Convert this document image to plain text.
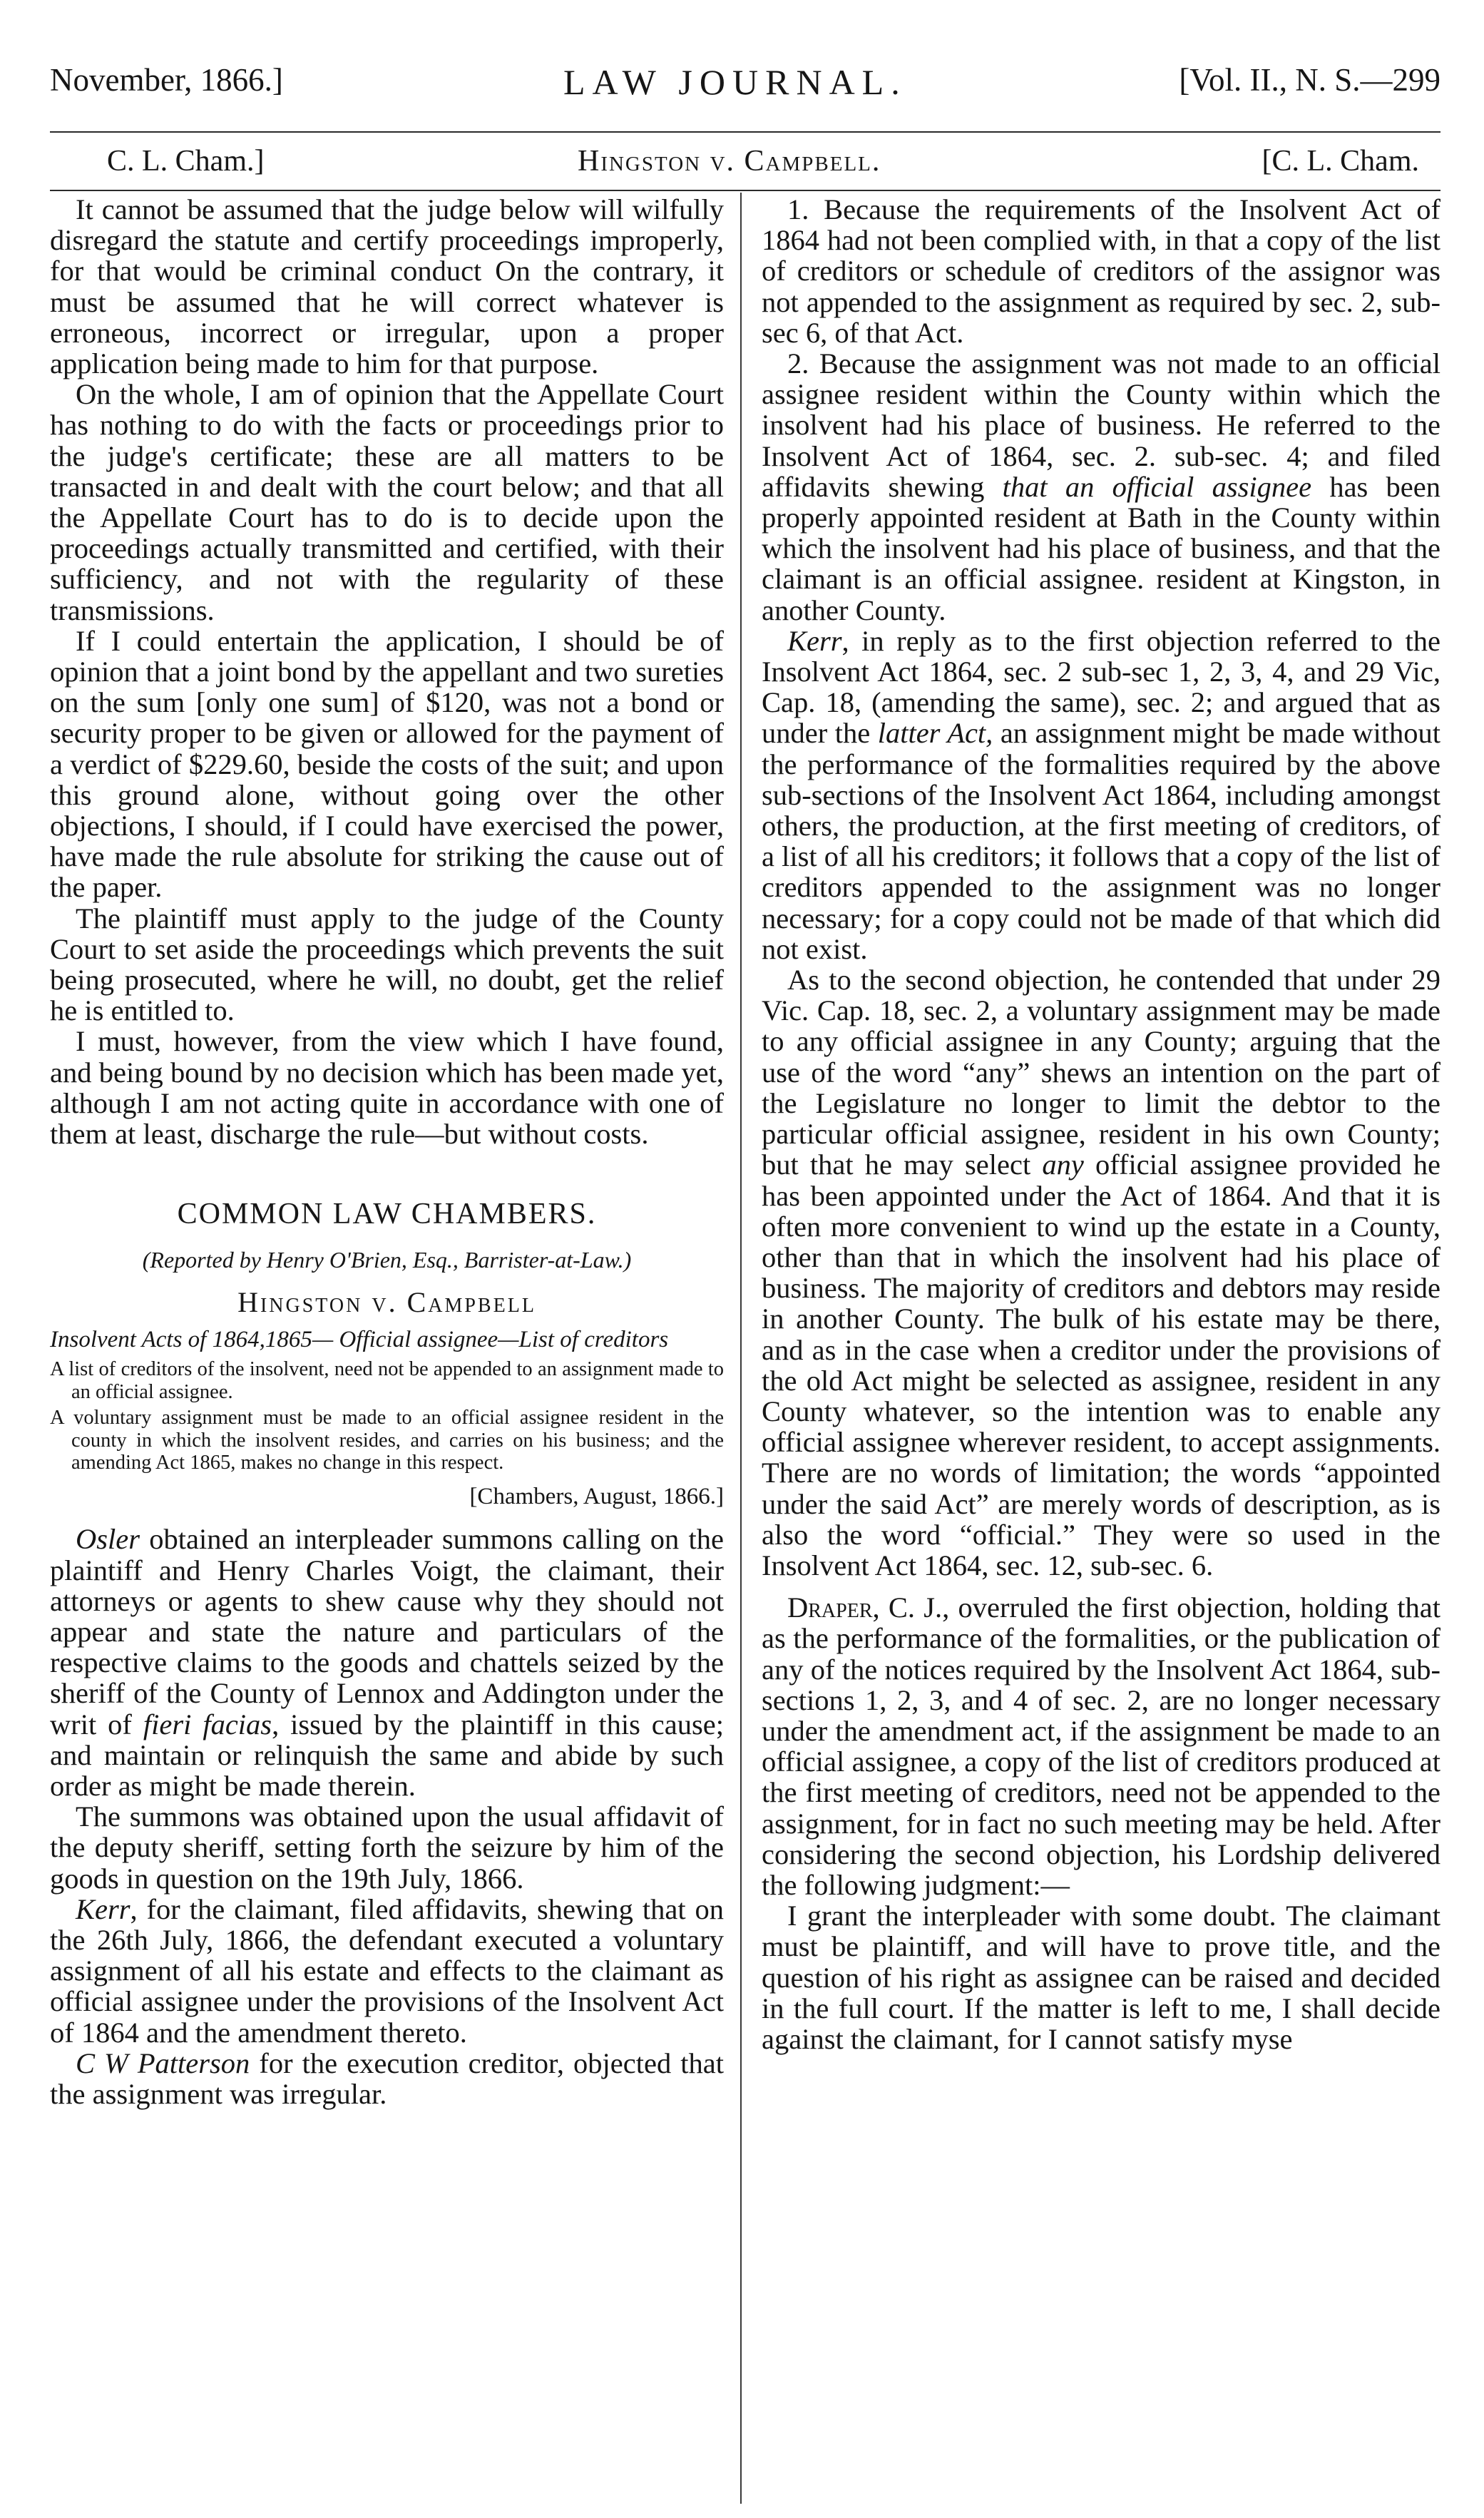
November, 1866.]	LAW JOURNAL.	[Vol. II., N. S.—299
C. L. Cham.]	Hingston v. Campbell.	[C. L. Cham.

It cannot be assumed that the judge below will wilfully disregard the statute and certify proceedings improperly, for that would be criminal conduct On the contrary, it must be assumed that he will correct whatever is erroneous, incorrect or irregular, upon a proper application being made to him for that purpose.

On the whole, I am of opinion that the Appellate Court has nothing to do with the facts or proceedings prior to the judge's certificate; these are all matters to be transacted in and dealt with the court below; and that all the Appellate Court has to do is to decide upon the proceedings actually transmitted and certified, with their sufficiency, and not with the regularity of these transmissions.

If I could entertain the application, I should be of opinion that a joint bond by the appellant and two sureties on the sum [only one sum] of $120, was not a bond or security proper to be given or allowed for the payment of a verdict of $229.60, beside the costs of the suit; and upon this ground alone, without going over the other objections, I should, if I could have exercised the power, have made the rule absolute for striking the cause out of the paper.

The plaintiff must apply to the judge of the County Court to set aside the proceedings which prevents the suit being prosecuted, where he will, no doubt, get the relief he is entitled to.

I must, however, from the view which I have found, and being bound by no decision which has been made yet, although I am not acting quite in accordance with one of them at least, discharge the rule—but without costs.

COMMON LAW CHAMBERS.

(Reported by Henry O'Brien, Esq., Barrister-at-Law.)

Hingston v. Campbell

Insolvent Acts of 1864,1865— Official assignee—List of creditors

A list of creditors of the insolvent, need not be appended to an assignment made to an official assignee.

A voluntary assignment must be made to an official assignee resident in the county in which the insolvent resides, and carries on his business; and the amending Act 1865, makes no change in this respect.

[Chambers, August, 1866.]

Osler obtained an interpleader summons calling on the plaintiff and Henry Charles Voigt, the claimant, their attorneys or agents to shew cause why they should not appear and state the nature and particulars of the respective claims to the goods and chattels seized by the sheriff of the County of Lennox and Addington under the writ of fieri facias, issued by the plaintiff in this cause; and maintain or relinquish the same and abide by such order as might be made therein.

The summons was obtained upon the usual affidavit of the deputy sheriff, setting forth the seizure by him of the goods in question on the 19th July, 1866.

Kerr, for the claimant, filed affidavits, shewing that on the 26th July, 1866, the defendant executed a voluntary assignment of all his estate and effects to the claimant as official assignee under the provisions of the Insolvent Act of 1864 and the amendment thereto.

C W Patterson for the execution creditor, objected that the assignment was irregular.

1. Because the requirements of the Insolvent Act of 1864 had not been complied with, in that a copy of the list of creditors or schedule of creditors of the assignor was not appended to the assignment as required by sec. 2, sub-sec 6, of that Act.

2. Because the assignment was not made to an official assignee resident within the County within which the insolvent had his place of business. He referred to the Insolvent Act of 1864, sec. 2. sub-sec. 4; and filed affidavits shewing that an official assignee has been properly appointed resident at Bath in the County within which the insolvent had his place of business, and that the claimant is an official assignee. resident at Kingston, in another County.

Kerr, in reply as to the first objection referred to the Insolvent Act 1864, sec. 2 sub-sec 1, 2, 3, 4, and 29 Vic, Cap. 18, (amending the same), sec. 2; and argued that as under the latter Act, an assignment might be made without the performance of the formalities required by the above sub-sections of the Insolvent Act 1864, including amongst others, the production, at the first meeting of creditors, of a list of all his creditors; it follows that a copy of the list of creditors appended to the assignment was no longer necessary; for a copy could not be made of that which did not exist.

As to the second objection, he contended that under 29 Vic. Cap. 18, sec. 2, a voluntary assignment may be made to any official assignee in any County; arguing that the use of the word “any” shews an intention on the part of the Legislature no longer to limit the debtor to the particular official assignee, resident in his own County; but that he may select any official assignee provided he has been appointed under the Act of 1864. And that it is often more convenient to wind up the estate in a County, other than that in which the insolvent had his place of business. The majority of creditors and debtors may reside in another County. The bulk of his estate may be there, and as in the case when a creditor under the provisions of the old Act might be selected as assignee, resident in any County whatever, so the intention was to enable any official assignee wherever resident, to accept assignments. There are no words of limitation; the words “appointed under the said Act” are merely words of description, as is also the word “official.” They were so used in the Insolvent Act 1864, sec. 12, sub-sec. 6.

Draper, C. J., overruled the first objection, holding that as the performance of the formalities, or the publication of any of the notices required by the Insolvent Act 1864, sub-sections 1, 2, 3, and 4 of sec. 2, are no longer necessary under the amendment act, if the assignment be made to an official assignee, a copy of the list of creditors produced at the first meeting of creditors, need not be appended to the assignment, for in fact no such meeting may be held. After considering the second objection, his Lordship delivered the following judgment:—

I grant the interpleader with some doubt. The claimant must be plaintiff, and will have to prove title, and the question of his right as assignee can be raised and decided in the full court. If the matter is left to me, I shall decide against the claimant, for I cannot satisfy myse
